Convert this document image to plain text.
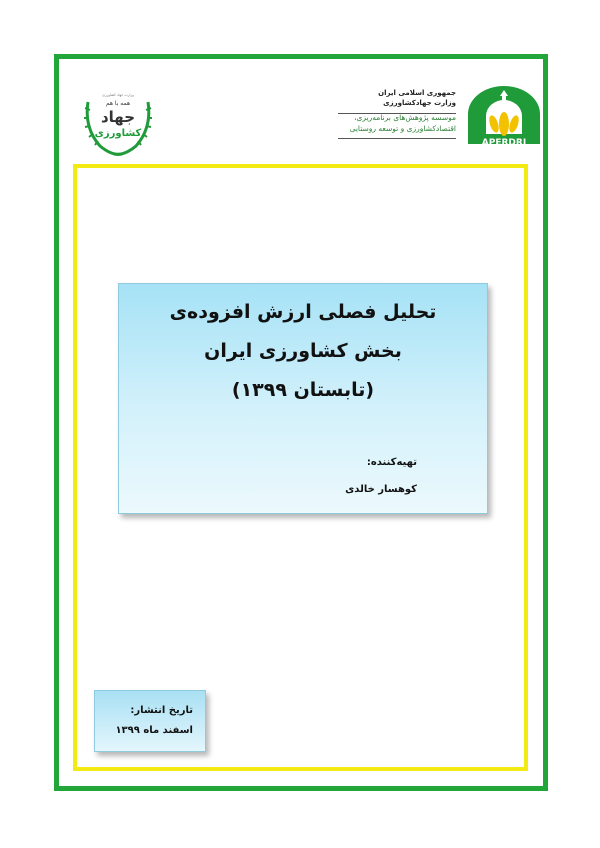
وزارت جهاد کشاورزی
همه با هم
جهاد
کشاورزی
جمهوری اسلامی ایران
وزارت جهادکشاورزی
موسسه پژوهش‌های برنامه‌ریزی،
اقتصادکشاورزی و توسعه روستایی
APERDRI
تحلیل فصلی ارزش افزوده‌ی
بخش کشاورزی ایران
(تابستان ۱۳۹۹)
تهیه‌کننده:
کوهسار خالدی
تاریخ انتشار:
اسفند ماه ۱۳۹۹
